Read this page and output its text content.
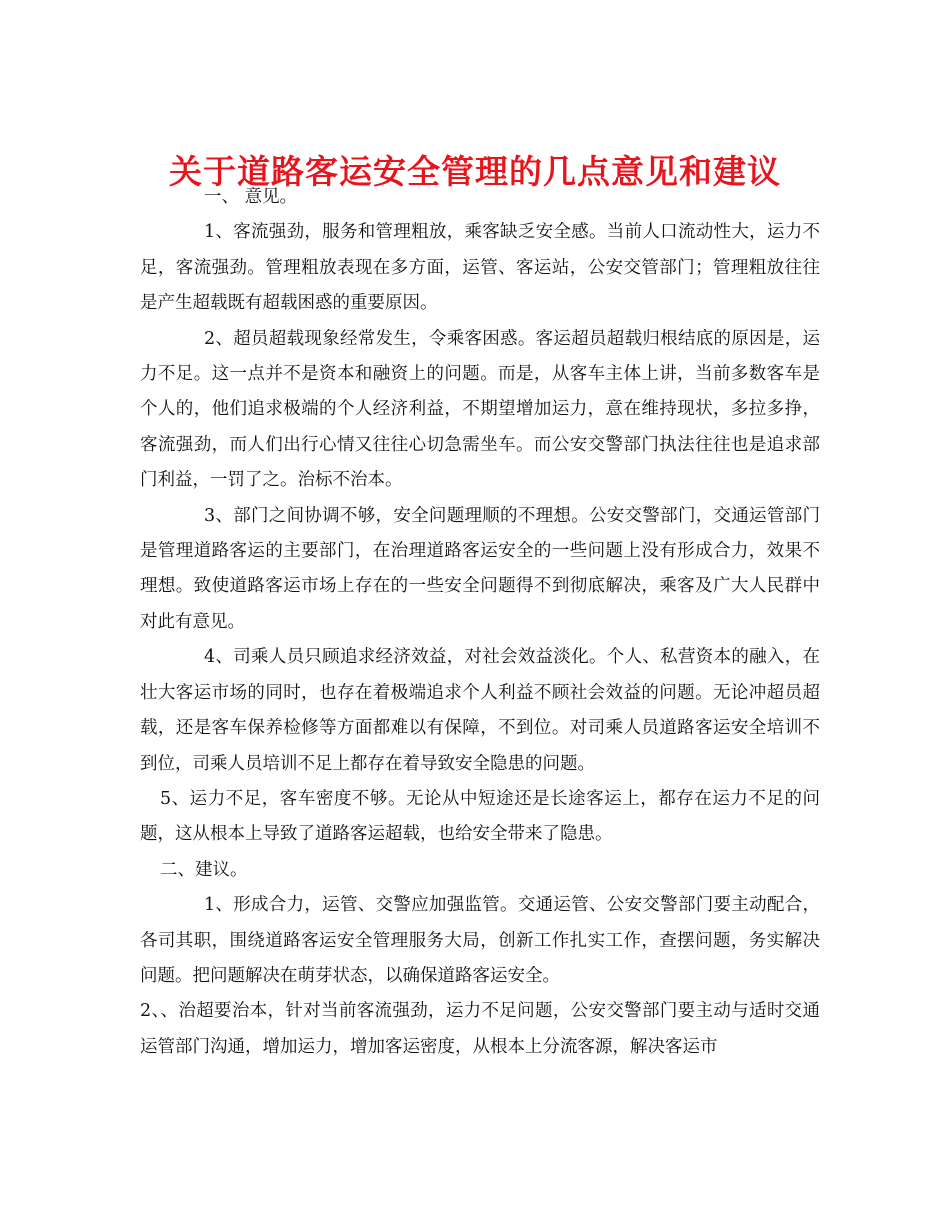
关于道路客运安全管理的几点意见和建议

一、 意见。

1、客流强劲，服务和管理粗放，乘客缺乏安全感。当前人口流动性大，运力不足，客流强劲。管理粗放表现在多方面，运管、客运站，公安交管部门；管理粗放往往是产生超载既有超载困惑的重要原因。

2、超员超载现象经常发生，令乘客困惑。客运超员超载归根结底的原因是，运力不足。这一点并不是资本和融资上的问题。而是，从客车主体上讲，当前多数客车是个人的，他们追求极端的个人经济利益，不期望增加运力，意在维持现状，多拉多挣，客流强劲，而人们出行心情又往往心切急需坐车。而公安交警部门执法往往也是追求部门利益，一罚了之。治标不治本。

3、部门之间协调不够，安全问题理顺的不理想。公安交警部门，交通运管部门是管理道路客运的主要部门，在治理道路客运安全的一些问题上没有形成合力，效果不理想。致使道路客运市场上存在的一些安全问题得不到彻底解决，乘客及广大人民群中对此有意见。

4、司乘人员只顾追求经济效益，对社会效益淡化。个人、私营资本的融入，在壮大客运市场的同时，也存在着极端追求个人利益不顾社会效益的问题。无论冲超员超载，还是客车保养检修等方面都难以有保障，不到位。对司乘人员道路客运安全培训不到位，司乘人员培训不足上都存在着导致安全隐患的问题。

5、运力不足，客车密度不够。无论从中短途还是长途客运上，都存在运力不足的问题，这从根本上导致了道路客运超载，也给安全带来了隐患。

二、建议。

1、形成合力，运管、交警应加强监管。交通运管、公安交警部门要主动配合，各司其职，围绕道路客运安全管理服务大局，创新工作扎实工作，查摆问题，务实解决问题。把问题解决在萌芽状态，以确保道路客运安全。

2、、治超要治本，针对当前客流强劲，运力不足问题，公安交警部门要主动与适时交通运管部门沟通，增加运力，增加客运密度，从根本上分流客源，解决客运市
